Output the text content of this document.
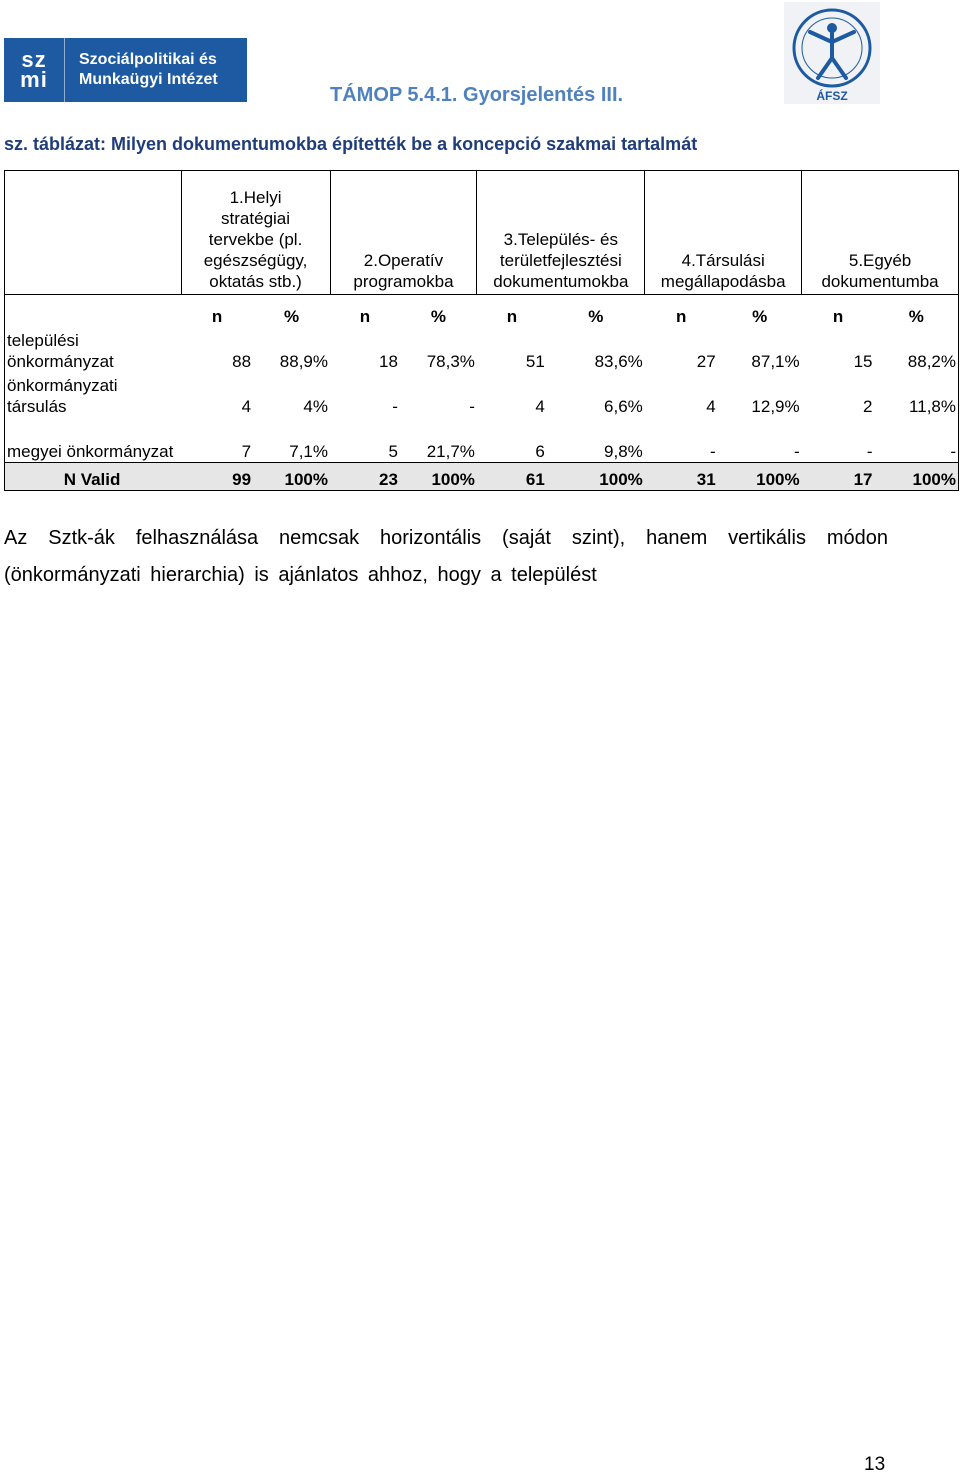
sz
mi
Szociálpolitikai és
Munkaügyi Intézet
TÁMOP 5.4.1. Gyorsjelentés III.	ÁFSZ
sz. táblázat: Milyen dokumentumokba építették be a koncepció szakmai tartalmát
	1.Helyi stratégiai tervekbe (pl. egészségügy, oktatás stb.)		2.Operatív programokba		3.Település- és területfejlesztési dokumentumokba		4.Társulási megállapodásba		5.Egyéb dokumentumba	
	n	%	n	%	n	%	n	%	n	%
települési önkormányzat	88	88,9%	18	78,3%	51	83,6%	27	87,1%	15	88,2%
önkormányzati társulás	4	4%	-	-	4	6,6%	4	12,9%	2	11,8%
megyei önkormányzat	7	7,1%	5	21,7%	6	9,8%	-	-	-	-
N Valid	99	100%	23	100%	61	100%	31	100%	17	100%
Az Sztk-ák felhasználása nemcsak horizontális (saját szint), hanem vertikális módon (önkormányzati hierarchia) is ajánlatos ahhoz, hogy a települést
13
